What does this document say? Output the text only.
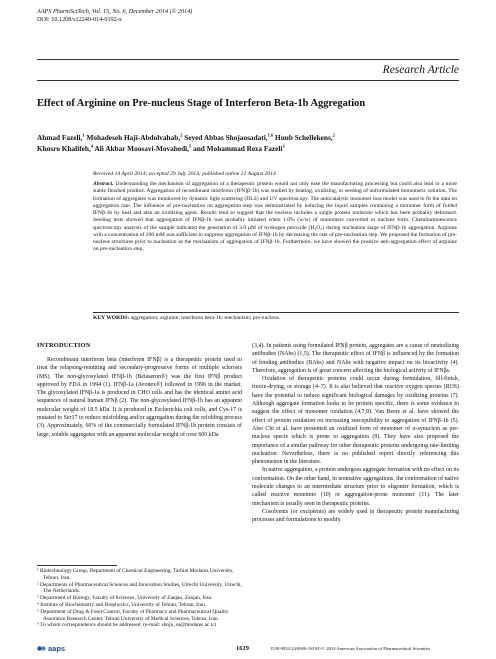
AAPS PharmSciTech, Vol. 15, No. 6, December 2014 (© 2014)
DOI: 10.1208/s12249-014-0192-x
Research Article
Effect of Arginine on Pre-nucleus Stage of Interferon Beta-1b Aggregation
Ahmad Fazeli,$^1$ Mohadeseh Haji-Abdolvahab,$^2$ Seyed Abbas Shojaosadati,$^{1,6}$ Huub Schellekens,$^2$
Khosro Khalifeh,$^4$ Ali Akbar Moosavi-Movahedi,$^5$ and Mohammad Reza Fazeli$^3$
Received 14 April 2014; accepted 29 July 2014; published online 21 August 2014
Abstract. Understanding the mechanism of aggregation of a therapeutic protein would not only ease the manufacturing processing but could also lead to a more stable finished product. Aggregation of recombinant interferon (IFN)β-1b) was studied by heating, oxidizing, or seeding of unformulated monomeric solution. The formation of aggregates was monitored by dynamic light scattering (DLS) and UV spectroscopy. The autocatalytic monomer loss model was used to fit the data on aggregation rate. The influence of pre-nucleation on aggregation step was demonstrated by inducing the liquid samples containing a monomer form of folded IFNβ-1b by heat and also an oxidizing agent. Results tend to suggest that the nucleus includes a single protein molecule which has been probably deformed. Seeding tests showed that aggregation of IFNβ-1b was probably initiated when 1.0% (w/w) of monomers converted to nucleus form. Chemiluminescence spectroscopy analysis of the sample indicated the generation of 3.0 μM of hydrogen peroxide (H₂O₂) during nucleation stage of IFNβ-1b aggregation. Arginine with a concentration of 200 mM was sufficient to suppress aggregation of IFNβ-1b by decreasing the rate of pre-nucleation step. We proposed the formation of pre-nucleus structures prior to nucleation as the mechanism of aggregation of IFNβ-1b. Furthermore, we have showed the positive anti-aggregation effect of arginine on pre-nucleation step.
KEY WORDS: aggregation; arginine; interferon beta-1b; mechanism; pre-nucleus.
INTRODUCTION

Recombinant interferon beta (interferon IFNβ) is a therapeutic protein used to treat the relapsing-remitting and secondary-progressive forms of multiple sclerosis (MS). The non-glycosylated IFNβ-1b (Betaseron®) was the first IFNβ product approved by FDA in 1994 (1). IFNβ-1a (Avonex®) followed in 1996 in the market. The glycosylated IFNβ-1a is produced in CHO cells and has the identical amino acid sequences of natural human IFNβ (2). The non-glycosylated IFNβ-1b has an apparent molecular weight of 18.5 kDa. It is produced in Escherichia coli cells, and Cys-17 is mutated to Ser17 to reduce misfolding and/or aggregation during the refolding process (3). Approximately, 60% of the commercially formulated IFNβ-1b protein consists of large, soluble aggregates with an apparent molecular weight of over 600 kDa

(3,4). In patients using formulated IFNβ protein, aggregates are a cause of neutralizing antibodies (NAbs) (1,5). The therapeutic effect of IFNβ is influenced by the formation of binding antibodies (BAbs) and NAbs with negative impact on its bioactivity (4). Therefore, aggregation is of great concern affecting the biological activity of IFNβs.

Oxidation of therapeutic proteins could occur during formulation, fill-finish, freeze-drying, or storage (4–7). It is also believed that reactive oxygen species (ROS) have the potential to induce significant biological damages by oxidizing proteins (7). Although aggregate formation looks to be protein specific, there is some evidence to suggest the effect of monomer oxidation (4,7,8). Van Beers et al. have showed the effect of protein oxidation on increasing susceptibility to aggregation of IFNβ-1b (5). Also Chi et al. have presented an oxidized form of monomer of α-synuclein as pre-nucleus specie which is prone to aggregation (9). They have also proposed the importance of a similar pathway for other therapeutic proteins undergoing rate-limiting nucleation. Nevertheless, there is no published report directly referencing this phenomenon in the literature.

In native aggregation, a protein undergoes aggregate formation with no effect on its conformation. On the other hand, in nonnative aggregations, the conformation of native molecule changes to an intermediate structure prior to oligomer formation, which is called reactive monomer (10) or aggregation-prone monomer (11). The later mechanism is usually seen in therapeutic proteins.

Cosolvents (or excipients) are widely used in therapeutic protein manufacturing processes and formulations to modify

¹ Biotechnology Group, Department of Chemical Engineering, Tarbiat Modares University, Tehran, Iran.
² Departments of Pharmaceutical Sciences and Innovation Studies, Utrecht University, Utrecht, The Netherlands.
³ Department of Biology, Faculty of Sciences, University of Zanjan, Zanjan, Iran.
⁴ Institute of Biochemistry and Biophysics, University of Tehran, Tehran, Iran.
⁵ Department of Drug & Food Control, Faculty of Pharmacy and Pharmaceutical Quality Assurance Research Center, Tehran University of Medical Sciences, Tehran, Iran.
⁶ To whom correspondence should be addressed. (e-mail: shoja_sa@modares.ac.ir)
aaps	1619	1530-9932/14/0600-1619/0 © 2014 American Association of Pharmaceutical Scientists
